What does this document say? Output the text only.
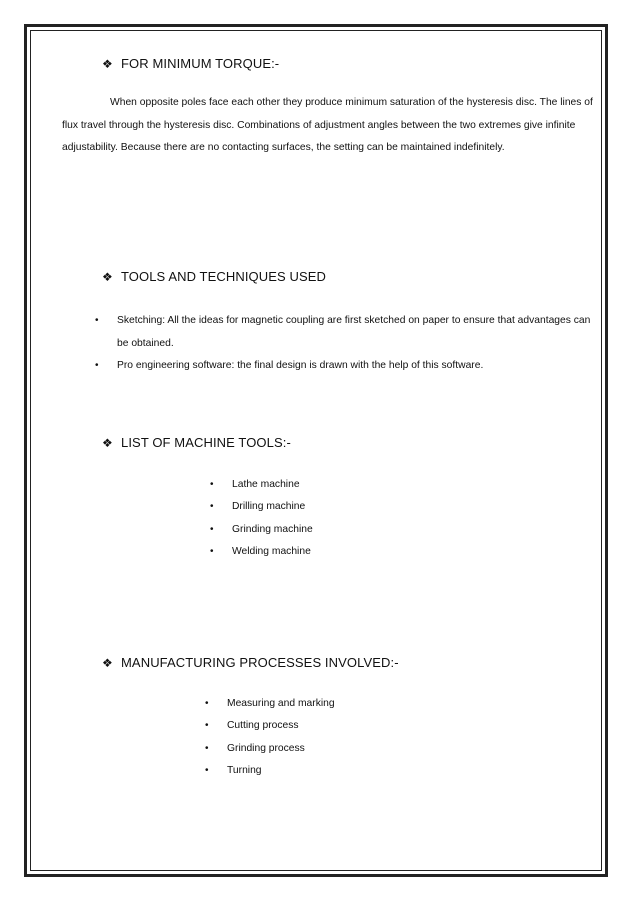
❖ FOR MINIMUM TORQUE:-
When opposite poles face each other they produce minimum saturation of the hysteresis disc. The lines of flux travel through the hysteresis disc. Combinations of adjustment angles between the two extremes give infinite adjustability. Because there are no contacting surfaces, the setting can be maintained indefinitely.
❖ TOOLS AND TECHNIQUES USED
• Sketching: All the ideas for magnetic coupling are first sketched on paper to ensure that advantages can be obtained.
• Pro engineering software: the final design is drawn with the help of this software.
❖ LIST OF MACHINE TOOLS:-
• Lathe machine
• Drilling machine
• Grinding machine
• Welding machine
❖ MANUFACTURING PROCESSES INVOLVED:-
• Measuring and marking
• Cutting process
• Grinding process
• Turning
